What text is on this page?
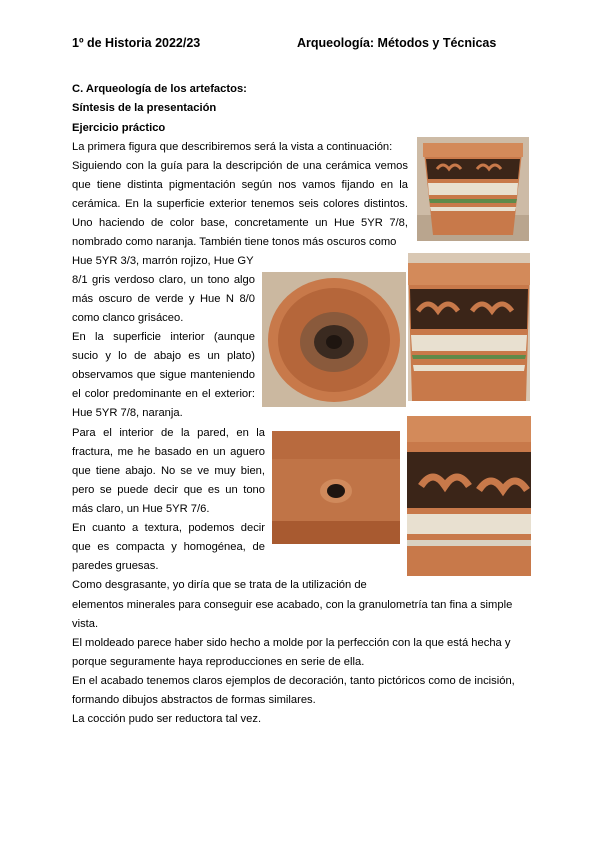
1º de Historia 2022/23	Arqueología: Métodos y Técnicas
C. Arqueología de los artefactos:
Síntesis de la presentación
Ejercicio práctico
La primera figura que describiremos será la vista a continuación:
Siguiendo con la guía para la descripción de una cerámica vemos
que tiene distinta pigmentación según nos vamos fijando en la
cerámica. En la superficie exterior tenemos seis colores distintos.
Uno haciendo de color base, concretamente un Hue 5YR 7/8,
nombrado como naranja. También tiene tonos más oscuros como
Hue 5YR 3/3, marrón rojizo, Hue GY
8/1 gris verdoso claro, un tono algo
más oscuro de verde y Hue N 8/0
como clanco grisáceo.
En la superficie interior (aunque
sucio y lo de abajo es un plato)
observamos que sigue manteniendo
el color predominante en el exterior:
Hue 5YR 7/8, naranja.
Para el interior de la pared, en la
fractura, me he basado en un aguero
que tiene abajo. No se ve muy bien,
pero se puede decir que es un tono
más claro, un Hue 5YR 7/6.
En cuanto a textura, podemos decir
que es compacta y homogénea, de
paredes gruesas.
Como desgrasante, yo diría que se trata de la utilización de
elementos minerales para conseguir ese acabado, con la granulometría tan fina a simple
vista.
El moldeado parece haber sido hecho a molde por la perfección con la que está hecha y
porque seguramente haya reproducciones en serie de ella.
En el acabado tenemos claros ejemplos de decoración, tanto pictóricos como de incisión,
formando dibujos abstractos de formas similares.
La cocción pudo ser reductora tal vez.
